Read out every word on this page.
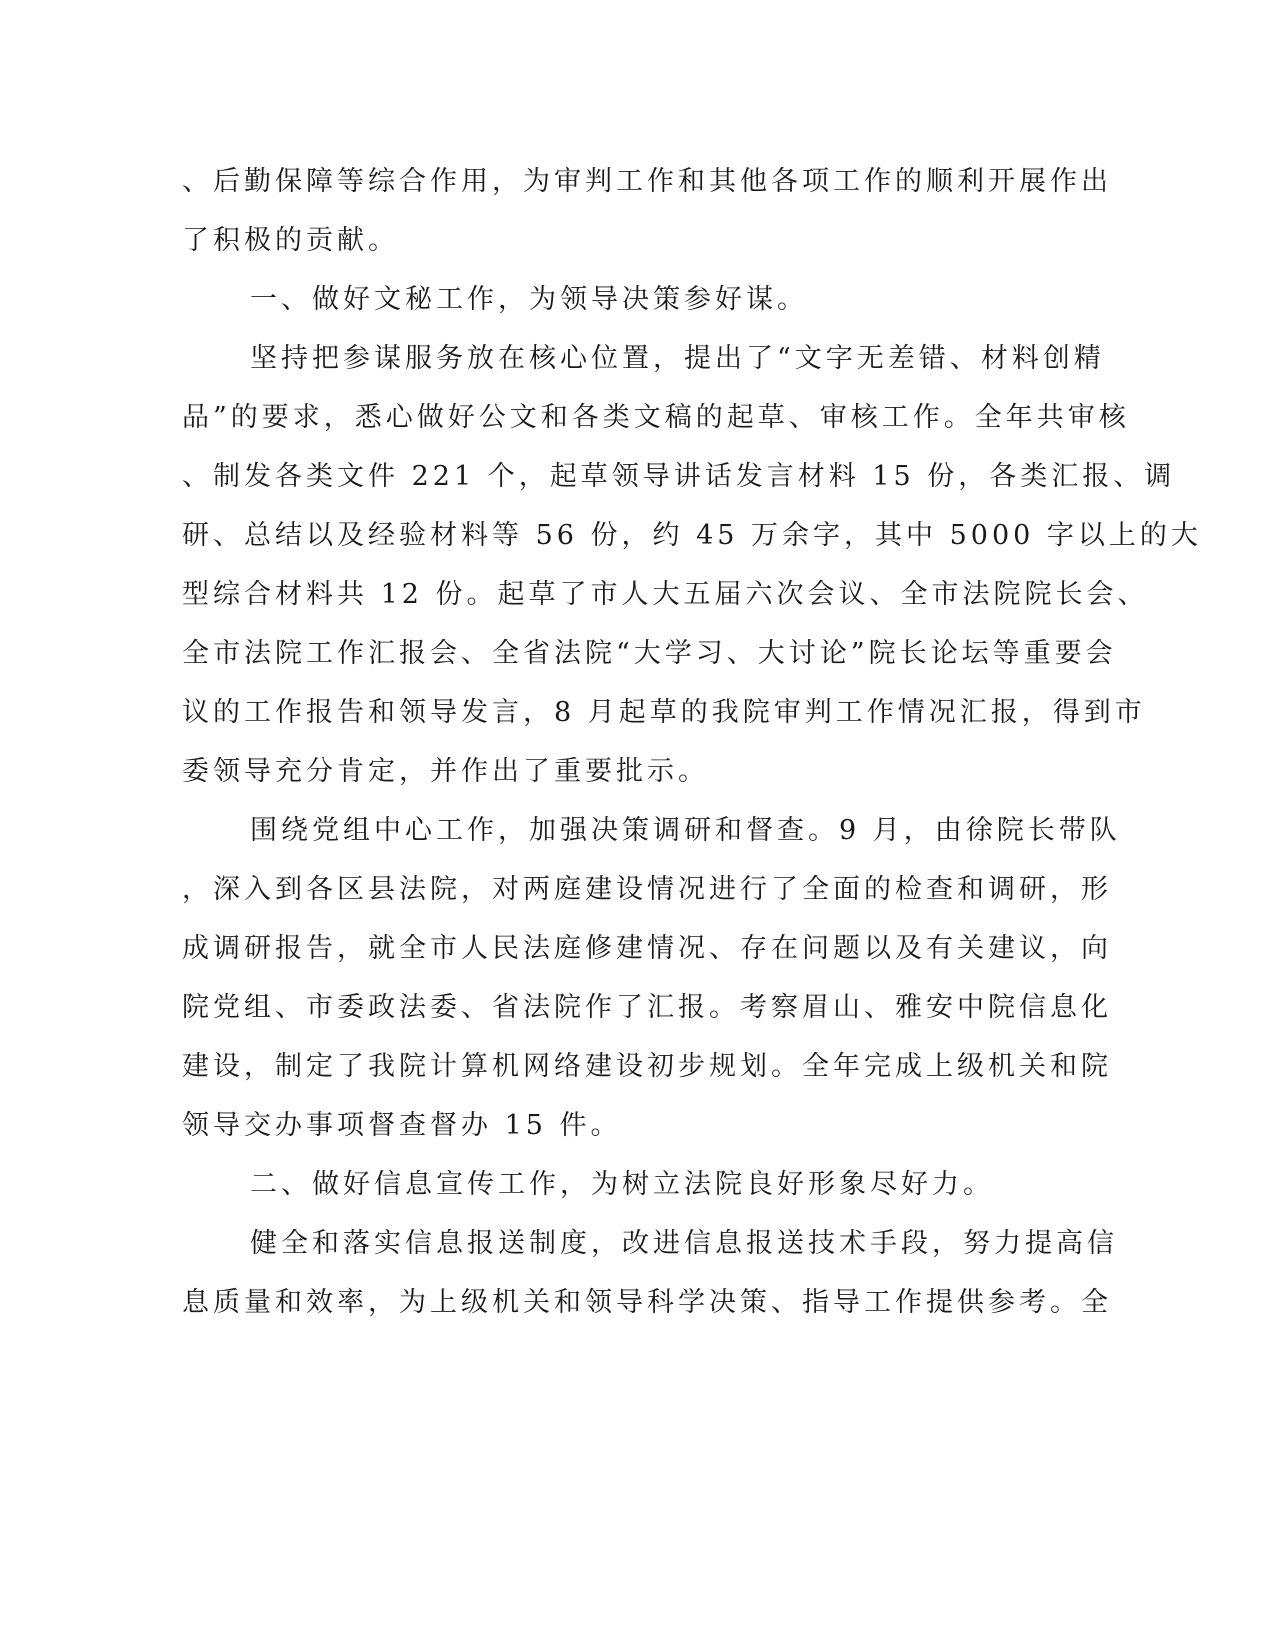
、后勤保障等综合作用，为审判工作和其他各项工作的顺利开展作出
了积极的贡献。
一、做好文秘工作，为领导决策参好谋。
坚持把参谋服务放在核心位置，提出了“文字无差错、材料创精
品”的要求，悉心做好公文和各类文稿的起草、审核工作。全年共审核
、制发各类文件 221 个，起草领导讲话发言材料 15 份，各类汇报、调
研、总结以及经验材料等 56 份，约 45 万余字，其中 5000 字以上的大
型综合材料共 12 份。起草了市人大五届六次会议、全市法院院长会、
全市法院工作汇报会、全省法院“大学习、大讨论”院长论坛等重要会
议的工作报告和领导发言，8 月起草的我院审判工作情况汇报，得到市
委领导充分肯定，并作出了重要批示。
围绕党组中心工作，加强决策调研和督查。9 月，由徐院长带队
，深入到各区县法院，对两庭建设情况进行了全面的检查和调研，形
成调研报告，就全市人民法庭修建情况、存在问题以及有关建议，向
院党组、市委政法委、省法院作了汇报。考察眉山、雅安中院信息化
建设，制定了我院计算机网络建设初步规划。全年完成上级机关和院
领导交办事项督查督办 15 件。
二、做好信息宣传工作，为树立法院良好形象尽好力。
健全和落实信息报送制度，改进信息报送技术手段，努力提高信
息质量和效率，为上级机关和领导科学决策、指导工作提供参考。全
